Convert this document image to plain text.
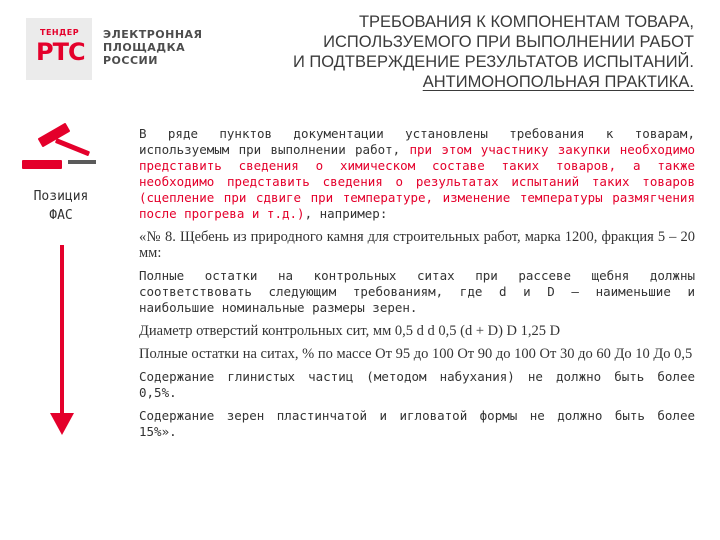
ТЕНДЕР
РТС
ЭЛЕКТРОННАЯ
ПЛОЩАДКА
РОССИИ
ТРЕБОВАНИЯ К КОМПОНЕНТАМ ТОВАРА,
ИСПОЛЬЗУЕМОГО ПРИ ВЫПОЛНЕНИИ РАБОТ
И ПОДТВЕРЖДЕНИЕ РЕЗУЛЬТАТОВ ИСПЫТАНИЙ.
АНТИМОНОПОЛЬНАЯ ПРАКТИКА.
Позиция
ФАС

В ряде пунктов документации установлены требования к товарам, используемым при выполнении работ, при этом участнику закупки необходимо представить сведения о химическом составе таких товаров, а также необходимо представить сведения о результатах испытаний таких товаров (сцепление при сдвиге при температуре, изменение температуры размягчения после прогрева и т.д.), например:

«№ 8. Щебень из природного камня для строительных работ, марка 1200, фракция 5 – 20 мм:

Полные остатки на контрольных ситах при рассеве щебня должны соответствовать следующим требованиям, где d и D – наименьшие и наибольшие номинальные размеры зерен.

Диаметр отверстий контрольных сит, мм 0,5 d d 0,5 (d + D) D 1,25 D

Полные остатки на ситах, % по массе От 95 до 100 От 90 до 100 От 30 до 60 До 10 До 0,5

Содержание глинистых частиц (методом набухания) не должно быть более 0,5%.

Содержание зерен пластинчатой и игловатой формы не должно быть более 15%».
